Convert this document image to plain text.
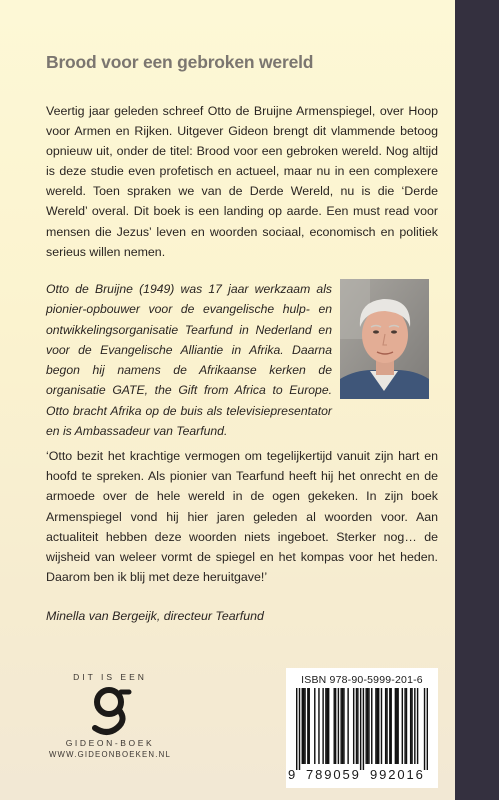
Brood voor een gebroken wereld

Veertig jaar geleden schreef Otto de Bruijne Armenspiegel, over Hoop voor Armen en Rijken. Uitgever Gideon brengt dit vlammende betoog opnieuw uit, onder de titel: Brood voor een gebroken wereld. Nog altijd is deze studie even profetisch en actueel, maar nu in een complexere wereld. Toen spraken we van de Derde Wereld, nu is die ‘Derde Wereld’ overal. Dit boek is een landing op aarde. Een must read voor mensen die Jezus’ leven en woorden sociaal, economisch en politiek serieus willen nemen.

Otto de Bruijne (1949) was 17 jaar werkzaam als pionier-opbouwer voor de evangelische hulp- en ontwikkelingsorganisatie Tearfund in Nederland en voor de Evangelische Alliantie in Afrika. Daarna begon hij namens de Afrikaanse kerken de organisatie GATE, the Gift from Africa to Europe. Otto bracht Afrika op de buis als televisiepresentator en is Ambassadeur van Tearfund.

‘Otto bezit het krachtige vermogen om tegelijkertijd vanuit zijn hart en hoofd te spreken. Als pionier van Tearfund heeft hij het onrecht en de armoede over de hele wereld in de ogen gekeken. In zijn boek Armenspiegel vond hij hier jaren geleden al woorden voor. Aan actualiteit hebben deze woorden niets ingeboet. Sterker nog… de wijsheid van weleer vormt de spiegel en het kompas voor het heden. Daarom ben ik blij met deze heruitgave!’

Minella van Bergeijk, directeur Tearfund

DIT IS EEN
GIDEON-BOEK
WWW.GIDEONBOEKEN.NL
ISBN 978-90-5999-201-6
9 789059 992016
